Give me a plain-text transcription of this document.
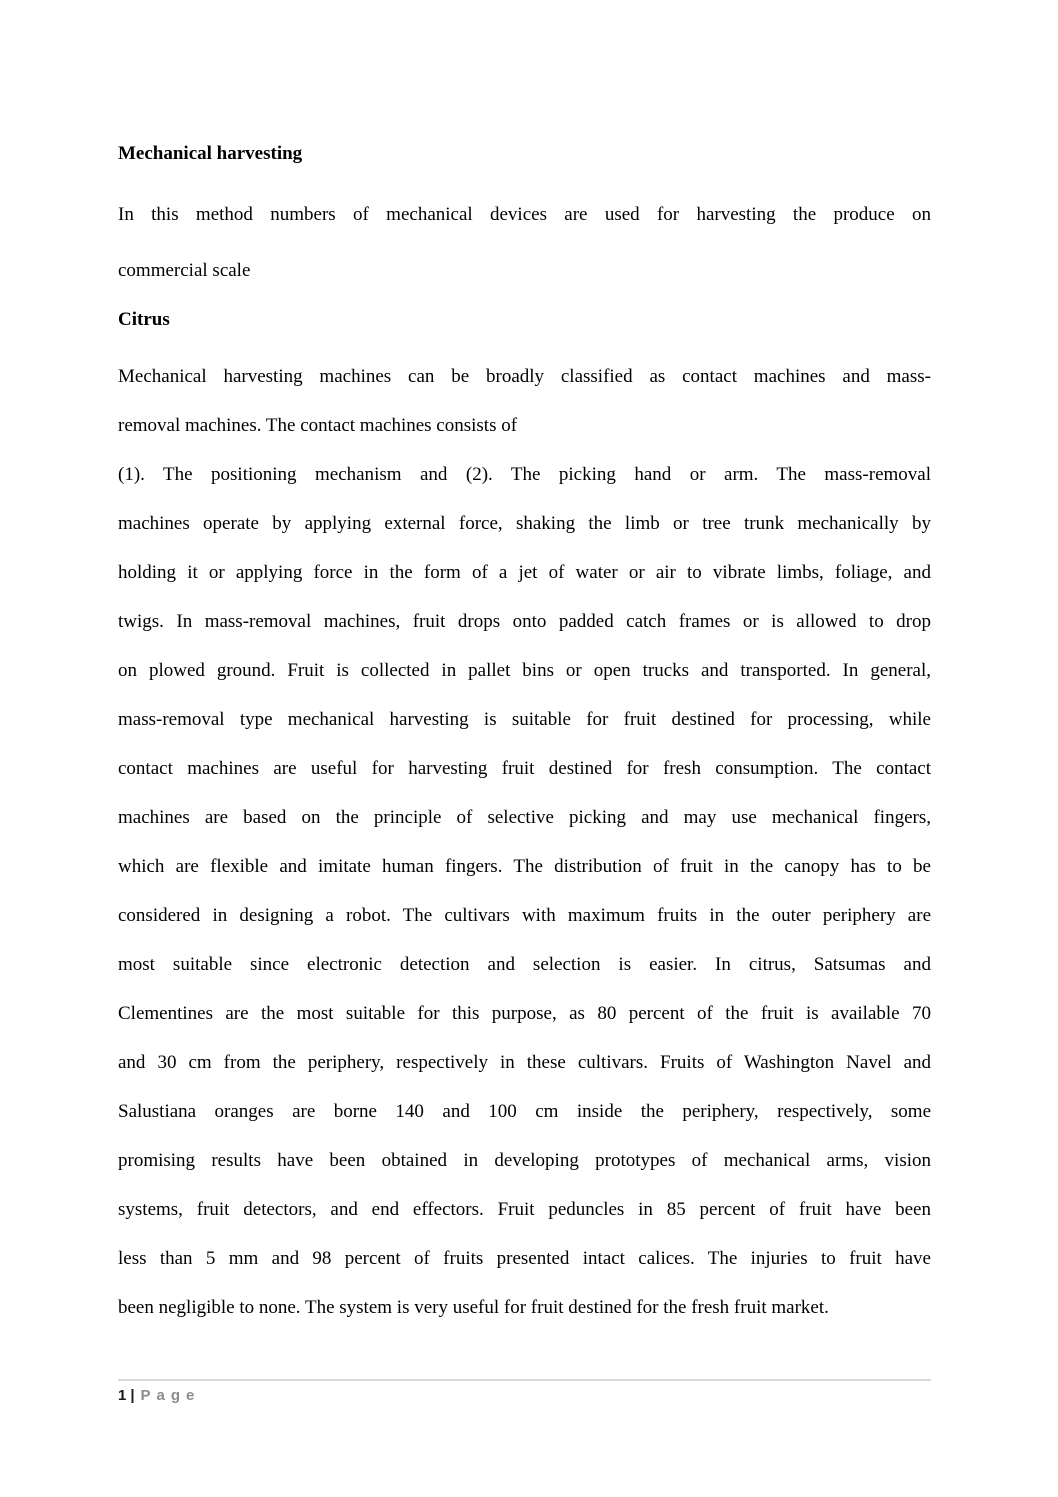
Mechanical harvesting
In this method numbers of mechanical devices are used for harvesting the produce on
commercial scale
Citrus
Mechanical harvesting machines can be broadly classified as contact machines and mass-
removal machines. The contact machines consists of
(1). The positioning mechanism and (2). The picking hand or arm. The mass-removal
machines operate by applying external force, shaking the limb or tree trunk mechanically by
holding it or applying force in the form of a jet of water or air to vibrate limbs, foliage, and
twigs. In mass-removal machines, fruit drops onto padded catch frames or is allowed to drop
on plowed ground. Fruit is collected in pallet bins or open trucks and transported. In general,
mass-removal type mechanical harvesting is suitable for fruit destined for processing, while
contact machines are useful for harvesting fruit destined for fresh consumption. The contact
machines are based on the principle of selective picking and may use mechanical fingers,
which are flexible and imitate human fingers. The distribution of fruit in the canopy has to be
considered in designing a robot. The cultivars with maximum fruits in the outer periphery are
most suitable since electronic detection and selection is easier. In citrus, Satsumas and
Clementines are the most suitable for this purpose, as 80 percent of the fruit is available 70
and 30 cm from the periphery, respectively in these cultivars. Fruits of Washington Navel and
Salustiana oranges are borne 140 and 100 cm inside the periphery, respectively, some
promising results have been obtained in developing prototypes of mechanical arms, vision
systems, fruit detectors, and end effectors. Fruit peduncles in 85 percent of fruit have been
less than 5 mm and 98 percent of fruits presented intact calices. The injuries to fruit have
been negligible to none. The system is very useful for fruit destined for the fresh fruit market.
1 | Page
